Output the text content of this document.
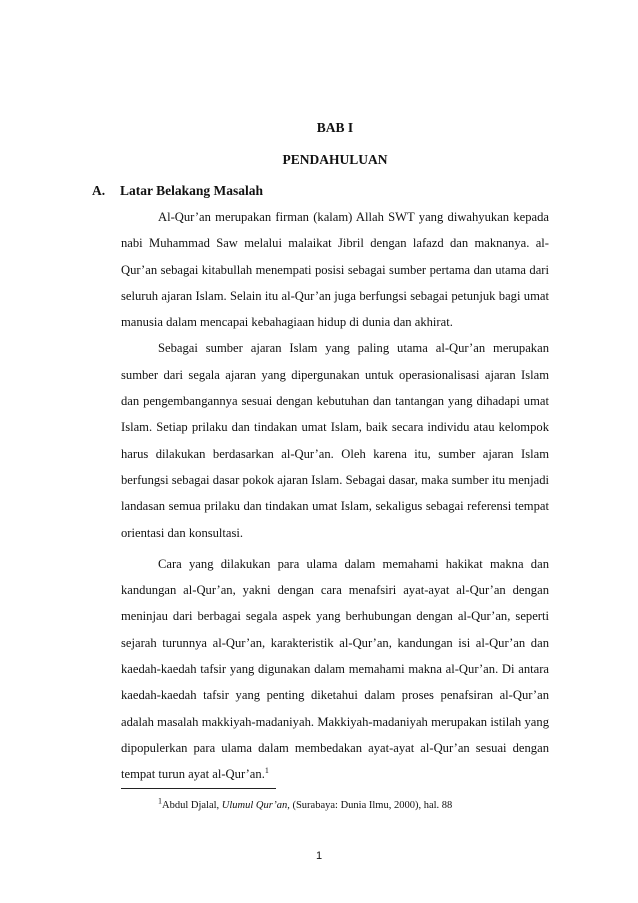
BAB I
PENDAHULUAN
A. Latar Belakang Masalah

Al-Qur’an merupakan firman (kalam) Allah SWT yang diwahyukan kepada nabi Muhammad Saw melalui malaikat Jibril dengan lafazd dan maknanya. al-Qur’an sebagai kitabullah menempati posisi sebagai sumber pertama dan utama dari seluruh ajaran Islam. Selain itu al-Qur’an juga berfungsi sebagai petunjuk bagi umat manusia dalam mencapai kebahagiaan hidup di dunia dan akhirat.

Sebagai sumber ajaran Islam yang paling utama al-Qur’an merupakan sumber dari segala ajaran yang dipergunakan untuk operasionalisasi ajaran Islam dan pengembangannya sesuai dengan kebutuhan dan tantangan yang dihadapi umat Islam. Setiap prilaku dan tindakan umat Islam, baik secara individu atau kelompok harus dilakukan berdasarkan al-Qur’an. Oleh karena itu, sumber ajaran Islam berfungsi sebagai dasar pokok ajaran Islam. Sebagai dasar, maka sumber itu menjadi landasan semua prilaku dan tindakan umat Islam, sekaligus sebagai referensi tempat orientasi dan konsultasi.

Cara yang dilakukan para ulama dalam memahami hakikat makna dan kandungan al-Qur’an, yakni dengan cara menafsiri ayat-ayat al-Qur’an dengan meninjau dari berbagai segala aspek yang berhubungan dengan al-Qur’an, seperti sejarah turunnya al-Qur’an, karakteristik al-Qur’an, kandungan isi al-Qur’an dan kaedah-kaedah tafsir yang digunakan dalam memahami makna al-Qur’an. Di antara kaedah-kaedah tafsir yang penting diketahui dalam proses penafsiran al-Qur’an adalah masalah makkiyah-madaniyah. Makkiyah-madaniyah merupakan istilah yang dipopulerkan para ulama dalam membedakan ayat-ayat al-Qur’an sesuai dengan tempat turun ayat al-Qur’an.$^1$

$^1$Abdul Djalal, Ulumul Qur’an, (Surabaya: Dunia Ilmu, 2000), hal. 88
1
